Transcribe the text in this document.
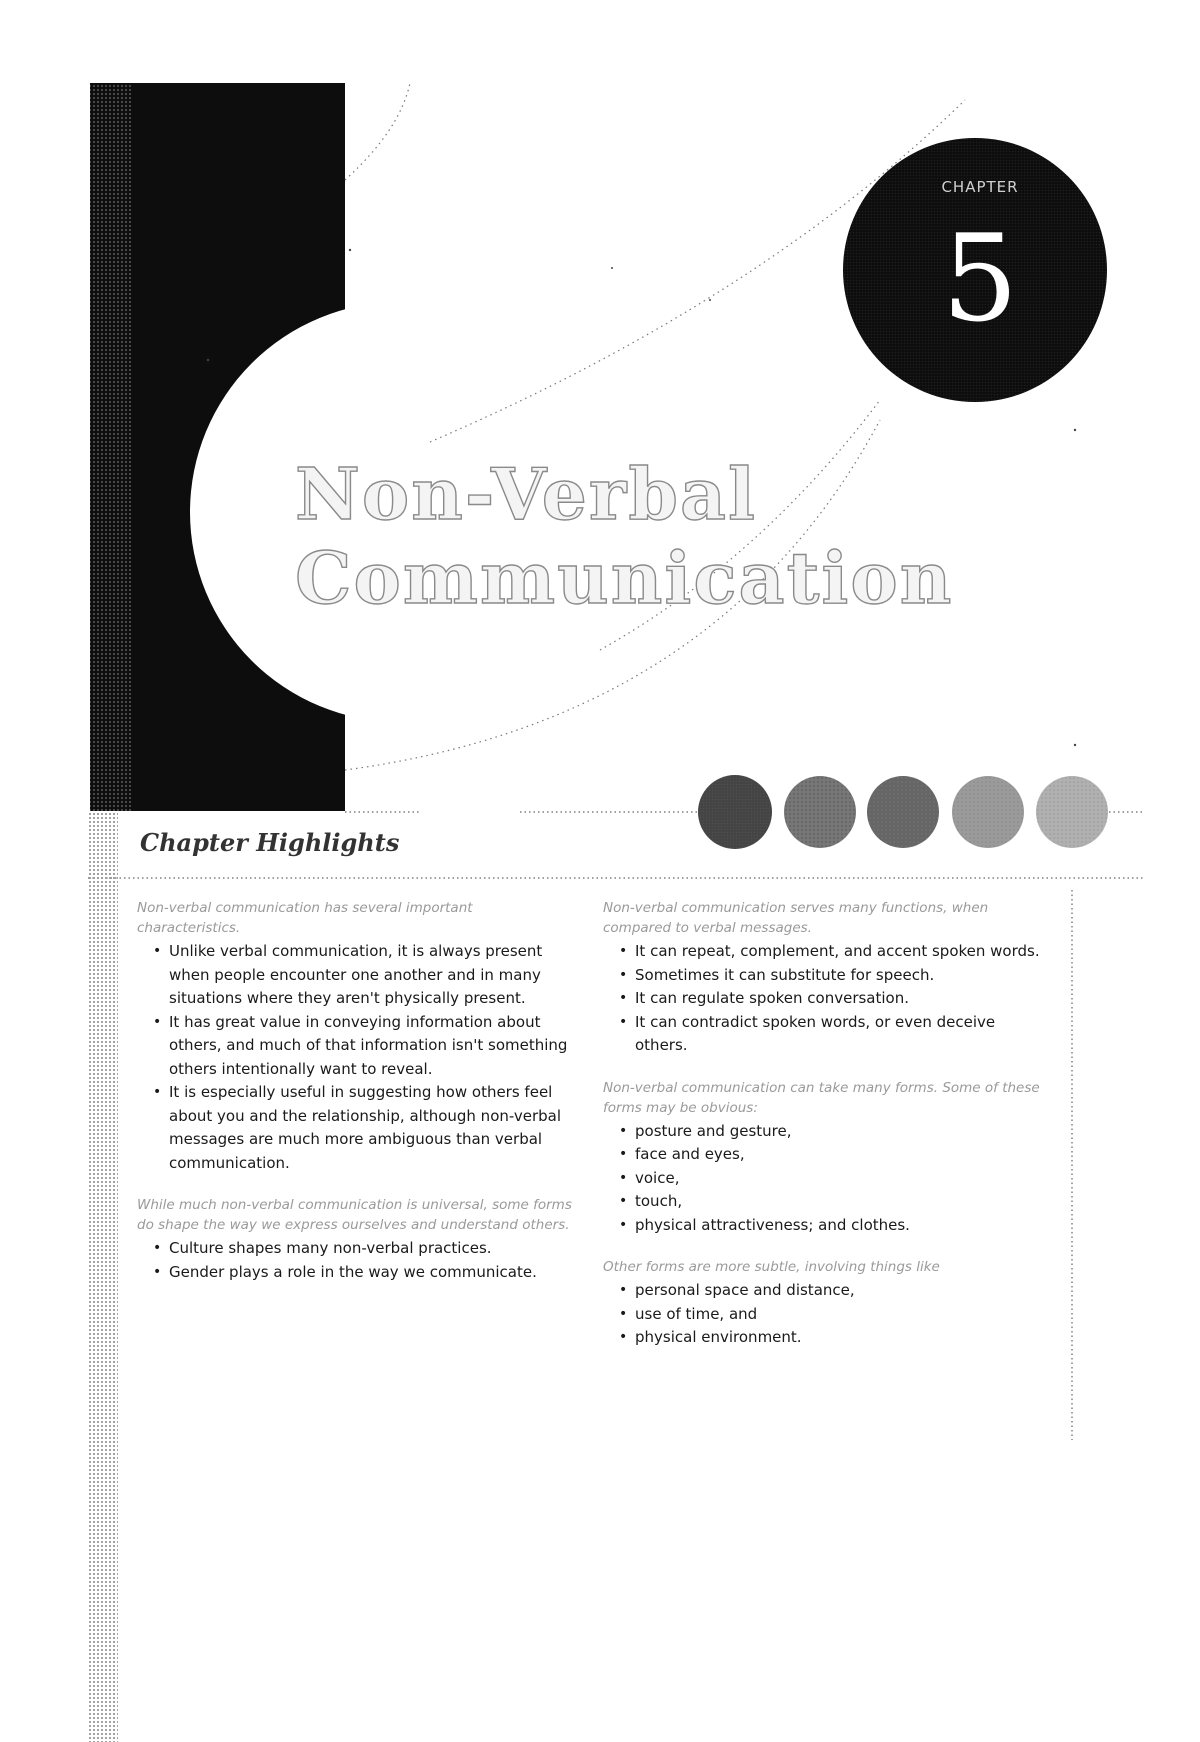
CHAPTER
5
Non-Verbal
Communication
Chapter Highlights

Non-verbal communication has several important characteristics.

• Unlike verbal communication, it is always present when people encounter one another and in many situations where they aren't physically present.
• It has great value in conveying information about others, and much of that information isn't something others intentionally want to reveal.
• It is especially useful in suggesting how others feel about you and the relationship, although non-verbal messages are much more ambiguous than verbal communication.

While much non-verbal communication is universal, some forms do shape the way we express ourselves and understand others.

• Culture shapes many non-verbal practices.
• Gender plays a role in the way we communicate.

Non-verbal communication serves many functions, when compared to verbal messages.

• It can repeat, complement, and accent spoken words.
• Sometimes it can substitute for speech.
• It can regulate spoken conversation.
• It can contradict spoken words, or even deceive others.

Non-verbal communication can take many forms. Some of these forms may be obvious:

• posture and gesture,
• face and eyes,
• voice,
• touch,
• physical attractiveness; and clothes.

Other forms are more subtle, involving things like

• personal space and distance,
• use of time, and
• physical environment.
